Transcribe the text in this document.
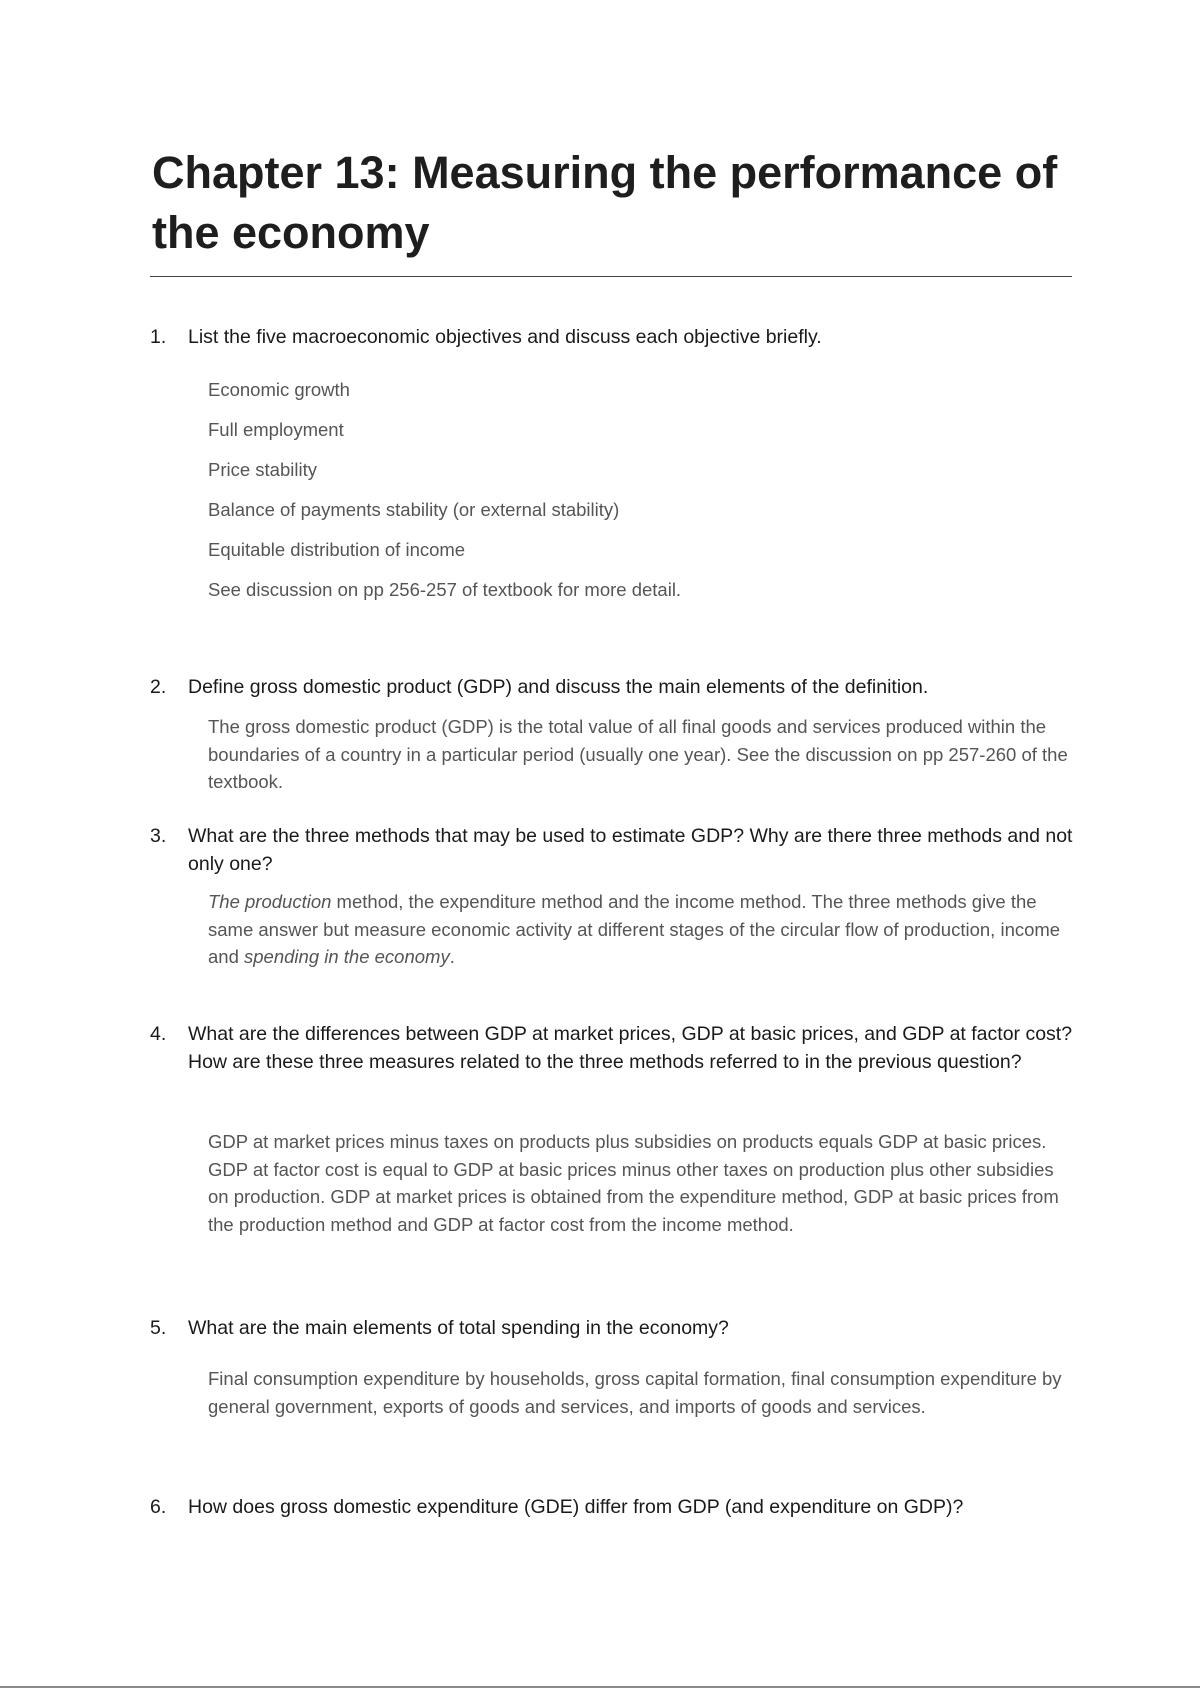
Chapter 13: Measuring the performance of the economy
1. List the five macroeconomic objectives and discuss each objective briefly.
Economic growth
Full employment
Price stability
Balance of payments stability (or external stability)
Equitable distribution of income
See discussion on pp 256-257 of textbook for more detail.
2. Define gross domestic product (GDP) and discuss the main elements of the definition.
The gross domestic product (GDP) is the total value of all final goods and services produced within the boundaries of a country in a particular period (usually one year). See the discussion on pp 257-260 of the textbook.
3. What are the three methods that may be used to estimate GDP? Why are there three methods and not only one?
The production method, the expenditure method and the income method. The three methods give the same answer but measure economic activity at different stages of the circular flow of production, income and spending in the economy.
4. What are the differences between GDP at market prices, GDP at basic prices, and GDP at factor cost? How are these three measures related to the three methods referred to in the previous question?
GDP at market prices minus taxes on products plus subsidies on products equals GDP at basic prices. GDP at factor cost is equal to GDP at basic prices minus other taxes on production plus other subsidies on production. GDP at market prices is obtained from the expenditure method, GDP at basic prices from the production method and GDP at factor cost from the income method.
5. What are the main elements of total spending in the economy?
Final consumption expenditure by households, gross capital formation, final consumption expenditure by general government, exports of goods and services, and imports of goods and services.
6. How does gross domestic expenditure (GDE) differ from GDP (and expenditure on GDP)?
